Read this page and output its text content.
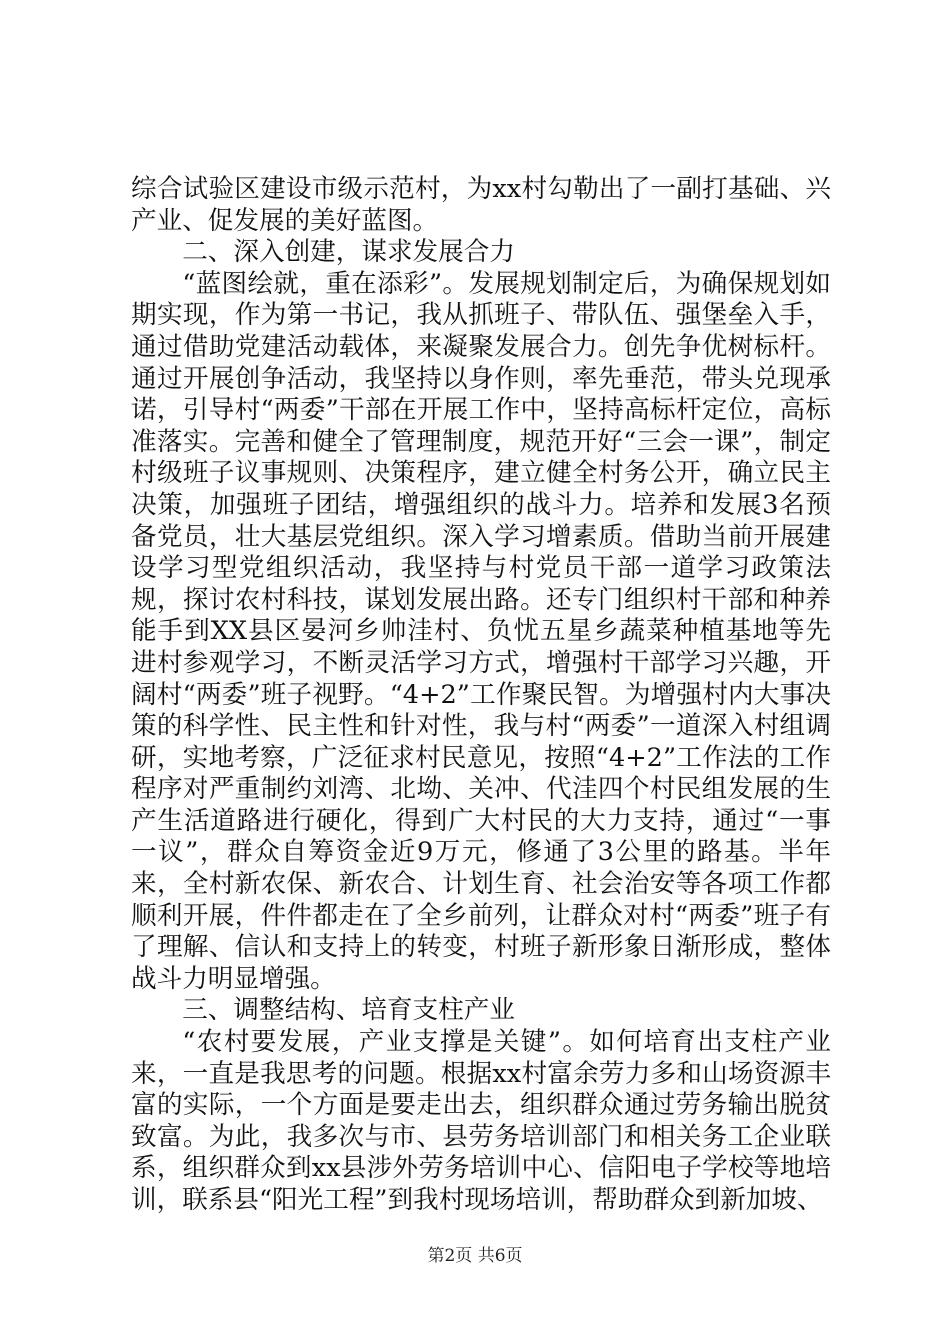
综合试验区建设市级示范村，为xx村勾勒出了一副打基础、兴产业、促发展的美好蓝图。

二、深入创建，谋求发展合力

“蓝图绘就，重在添彩”。发展规划制定后，为确保规划如期实现，作为第一书记，我从抓班子、带队伍、强堡垒入手，通过借助党建活动载体，来凝聚发展合力。创先争优树标杆。通过开展创争活动，我坚持以身作则，率先垂范，带头兑现承诺，引导村“两委”干部在开展工作中，坚持高标杆定位，高标准落实。完善和健全了管理制度，规范开好“三会一课”，制定村级班子议事规则、决策程序，建立健全村务公开，确立民主决策，加强班子团结，增强组织的战斗力。培养和发展3名预备党员，壮大基层党组织。深入学习增素质。借助当前开展建设学习型党组织活动，我坚持与村党员干部一道学习政策法规，探讨农村科技，谋划发展出路。还专门组织村干部和种养能手到XX县区晏河乡帅洼村、负忧五星乡蔬菜种植基地等先进村参观学习，不断灵活学习方式，增强村干部学习兴趣，开阔村“两委”班子视野。“4+2”工作聚民智。为增强村内大事决策的科学性、民主性和针对性，我与村“两委”一道深入村组调研，实地考察，广泛征求村民意见，按照“4+2”工作法的工作程序对严重制约刘湾、北坳、关冲、代洼四个村民组发展的生产生活道路进行硬化，得到广大村民的大力支持，通过“一事一议”，群众自筹资金近9万元，修通了3公里的路基。半年来，全村新农保、新农合、计划生育、社会治安等各项工作都顺利开展，件件都走在了全乡前列，让群众对村“两委”班子有了理解、信认和支持上的转变，村班子新形象日渐形成，整体战斗力明显增强。

三、调整结构、培育支柱产业

“农村要发展，产业支撑是关键”。如何培育出支柱产业来，一直是我思考的问题。根据xx村富余劳力多和山场资源丰富的实际，一个方面是要走出去，组织群众通过劳务输出脱贫致富。为此，我多次与市、县劳务培训部门和相关务工企业联系，组织群众到xx县涉外劳务培训中心、信阳电子学校等地培训，联系县“阳光工程”到我村现场培训，帮助群众到新加坡、

第2页 共6页
